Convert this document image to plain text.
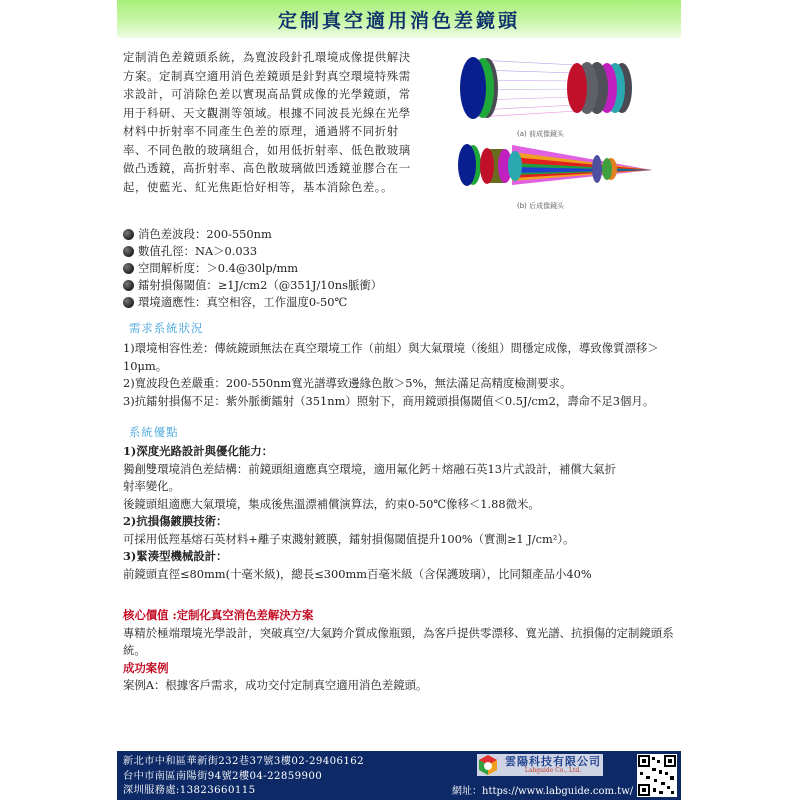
定制真空適用消色差鏡頭
定制消色差鏡頭系統，為寬波段針孔環境成像提供解決方案。定制真空適用消色差鏡頭是針對真空環境特殊需求設計，可消除色差以實現高品質成像的光學鏡頭，常用于科研、天文觀測等領域。根據不同波長光線在光學材料中折射率不同產生色差的原理，通過將不同折射率、不同色散的玻璃組合，如用低折射率、低色散玻璃做凸透鏡，高折射率、高色散玻璃做凹透鏡並膠合在一起，使藍光、紅光焦距恰好相等，基本消除色差。。
(a) 前成像鏡头
(b) 后成像鏡头
消色差波段：200-550nm
數值孔徑：NA＞0.033
空間解析度：＞0.4@30lp/mm
鐳射損傷閾值：≥1J/cm2（@351J/10ns脈衝）
環境適應性：真空相容，工作溫度0-50℃
需求系統狀況

1)環境相容性差：傳統鏡頭無法在真空環境工作（前組）與大氣環境（後組）間穩定成像，導致像質漂移＞10μm。

2)寬波段色差嚴重：200-550nm寬光譜導致邊緣色散＞5%，無法滿足高精度檢測要求。

3)抗鐳射損傷不足：紫外脈衝鐳射（351nm）照射下，商用鏡頭損傷閾值＜0.5J/cm2，壽命不足3個月。

系統優點

1)深度光路設計與優化能力：

獨創雙環境消色差結構：前鏡頭組適應真空環境，適用氟化鈣＋熔融石英13片式設計，補償大氣折射率變化。

後鏡頭組適應大氣環境，集成後焦溫漂補償演算法，約束0-50℃像移＜1.88微米。

2)抗損傷鍍膜技術：

可採用低羥基熔石英材料+離子束濺射鍍膜，鐳射損傷閾值提升100%（實測≥1 J/cm²）。

3)緊湊型機械設計：

前鏡頭直徑≤80mm(十毫米級)，總長≤300mm百毫米級（含保護玻璃），比同類產品小40%

核心價值 :定制化真空消色差解決方案

專精於極端環境光學設計，突破真空/大氣跨介質成像瓶頸，為客戶提供零漂移、寬光譜、抗損傷的定制鏡頭系統。

成功案例

案例A：根據客戶需求，成功交付定制真空適用消色差鏡頭。

新北市中和區華新街232巷37號3樓02-29406162
台中市南區南陽街94號2樓04-22859900
深圳服務處:13823660115
雲陽科技有限公司
Labguide Co., Ltd.
網址：https://www.labguide.com.tw/
